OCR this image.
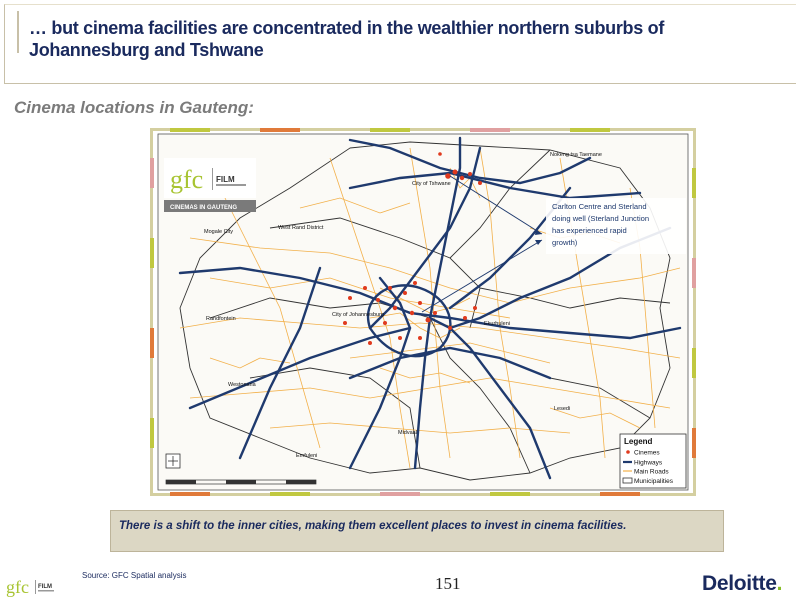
… but cinema facilities are concentrated in the wealthier northern suburbs of
Johannesburg and Tshwane
Cinema locations in Gauteng:
Nokeng tsa Taemane
City of Tshwane
Mogale City
West Rand District
Randfontein
City of Johannesburg
Ekurhuleni
Westonaria
Lesedi
Midvaal
Emfuleni
gfc FILM
CINEMAS IN GAUTENG	Carlton Centre and Sterland
doing well (Sterland Junction
has experienced rapid
growth)
Legend
Cinemes
Highways
Main Roads
Municipalities
There is a shift to the inner cities, making them excellent places to invest in cinema facilities.
gfc FILM
Source: GFC Spatial analysis	151	Deloitte.
